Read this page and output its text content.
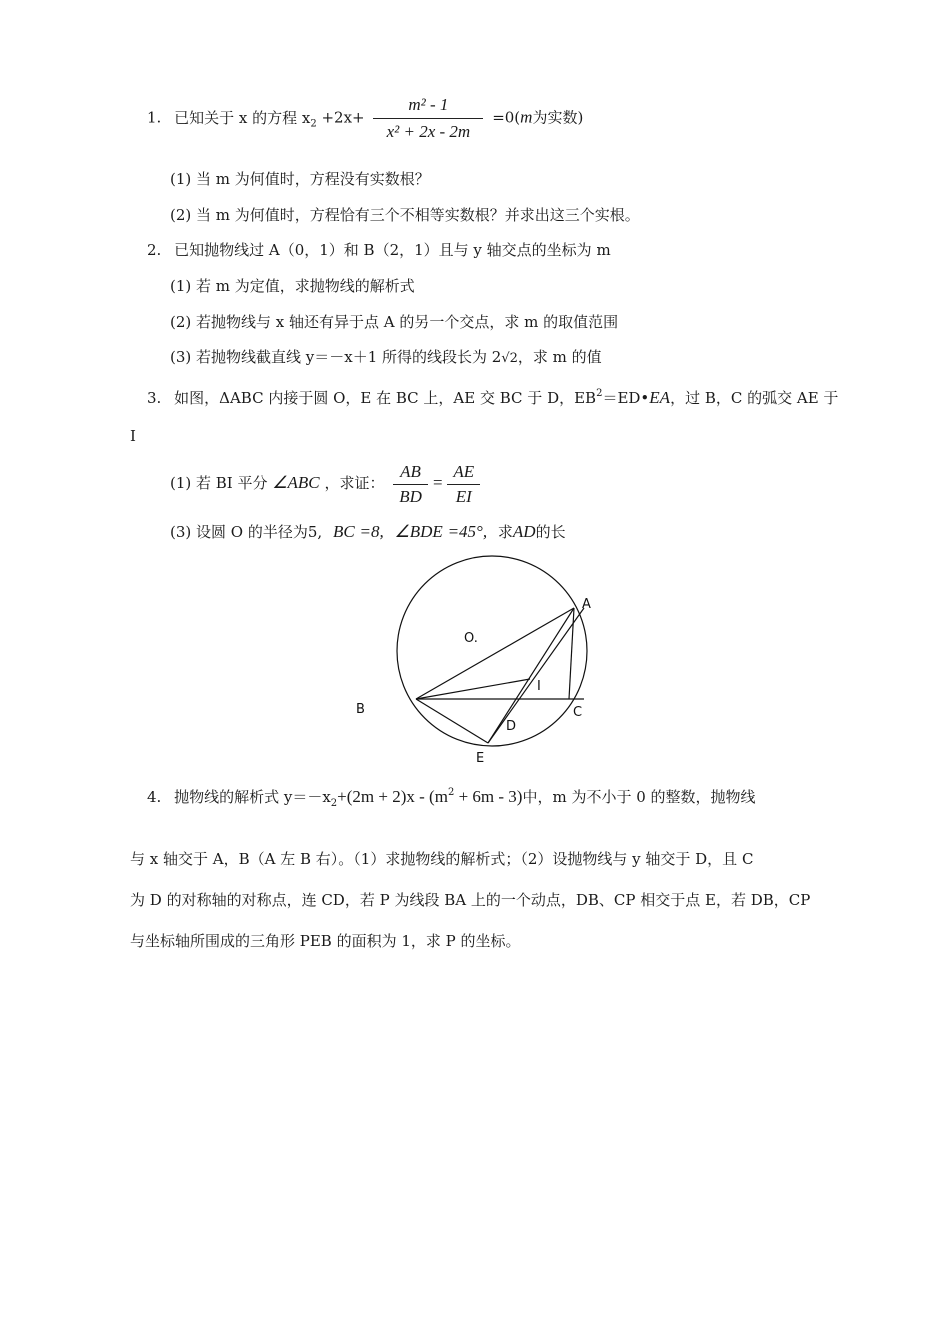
1. 已知关于 x 的方程 $x_2 +2x+ \frac{\text{m² - 1}}{\text{x² + 2x - 2m}} =0(m$为实数)
(1) 当 m 为何值时，方程没有实数根？
(2) 当 m 为何值时，方程恰有三个不相等实数根？并求出这三个实根。
2. 已知抛物线过 A（0，1）和 B（2，1）且与 y 轴交点的坐标为 m
(1) 若 m 为定值，求抛物线的解析式
(2) 若抛物线与 x 轴还有异于点 A 的另一个交点，求 m 的取值范围
(3) 若抛物线截直线 y＝－x＋1 所得的线段长为 2√2，求 m 的值
3. 如图，ΔABC 内接于圆 O，E 在 BC 上，AE 交 BC 于 D，$EB^2=ED•EA$，过 B，C 的弧交 AE 于
I
(1) 若 BI 平分 ∠ABC ，求证： $\frac{AB}{BD} = \frac{AE}{EI}$
(3) 设圆 O 的半径为5, BC =8, ∠BDE =45°, 求AD的长
A
O.
I
B	C
D
E
4. 抛物线的解析式 $y=-x_2+(2m + 2)x - (m^2 + 6m - 3)$中，m 为不小于 0 的整数，抛物线
与 x 轴交于 A，B（A 左 B 右）。（1）求抛物线的解析式；（2）设抛物线与 y 轴交于 D，且 C
为 D 的对称轴的对称点，连 CD，若 P 为线段 BA 上的一个动点，DB、CP 相交于点 E，若 DB，CP
与坐标轴所围成的三角形 PEB 的面积为 1，求 P 的坐标。
